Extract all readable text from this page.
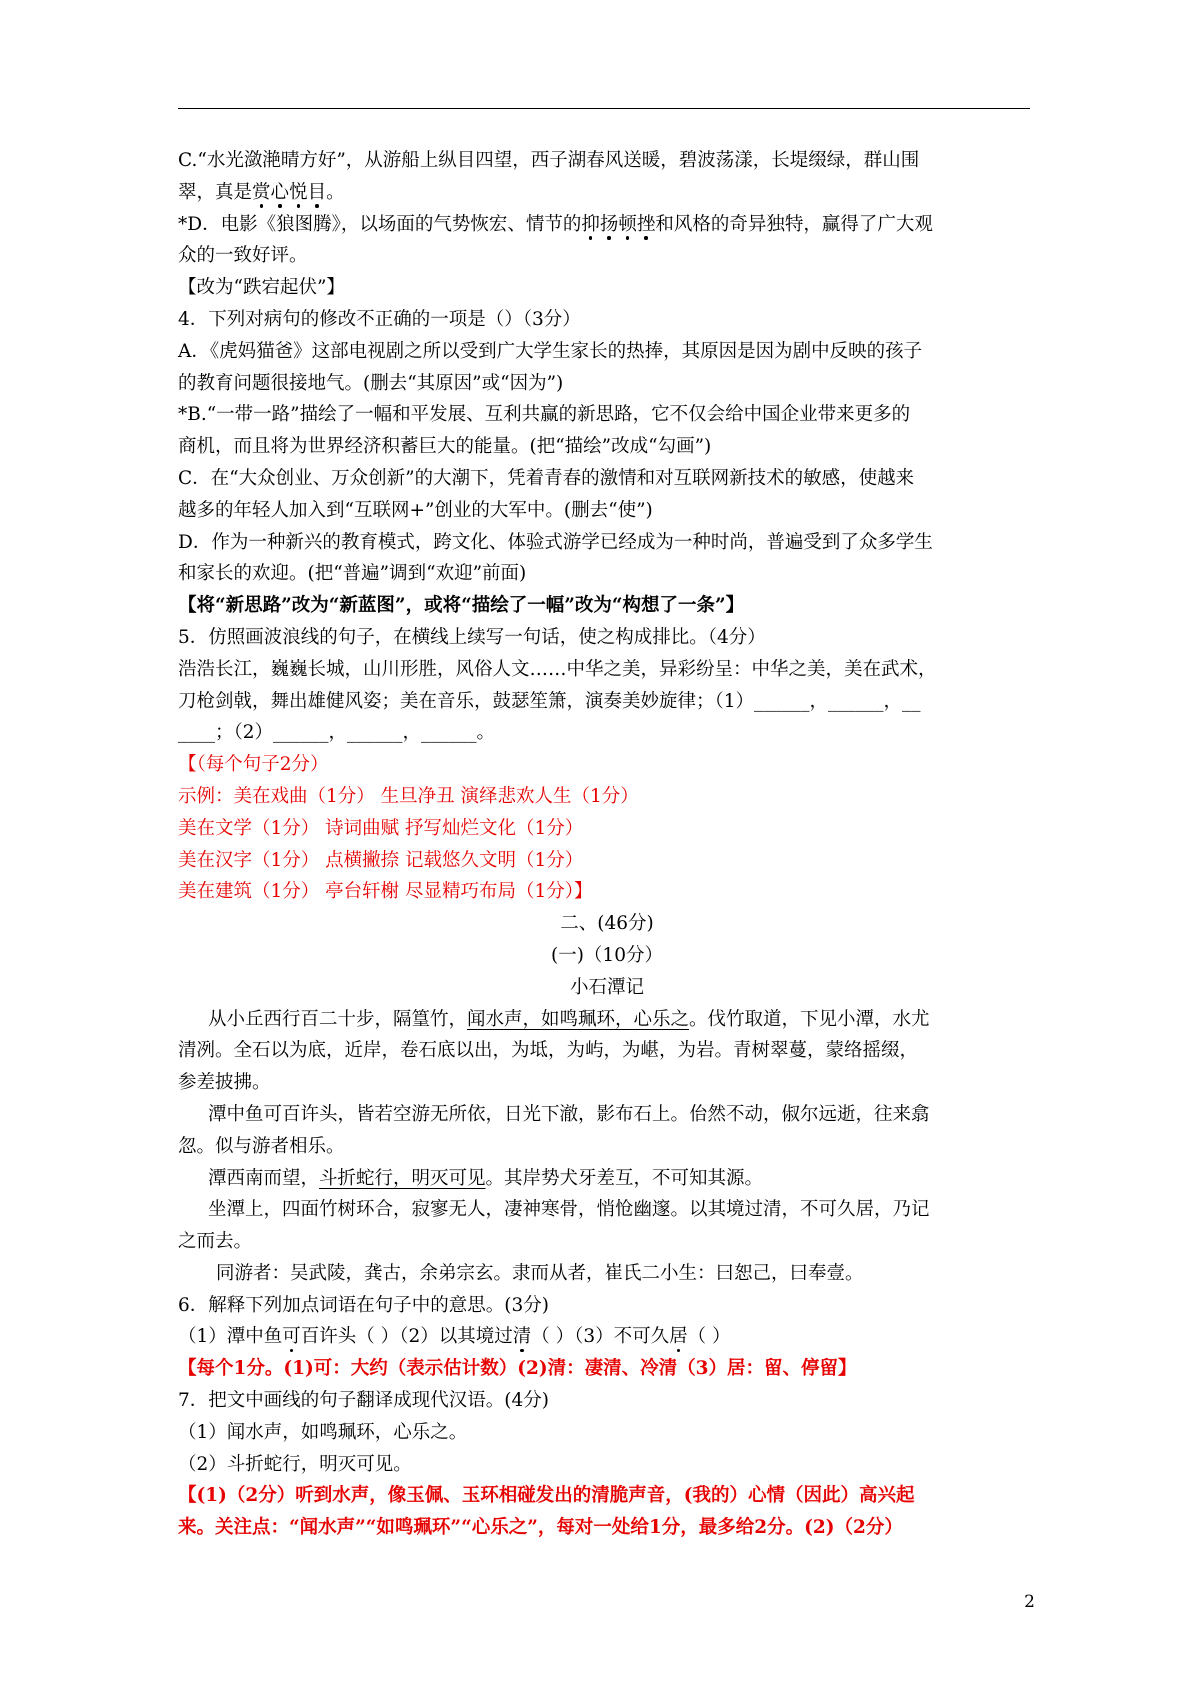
C.“水光潋滟晴方好”，从游船上纵目四望，西子湖春风送暖，碧波荡漾，长堤缀绿，群山围
翠，真是赏心悦目。
*D．电影《狼图腾》，以场面的气势恢宏、情节的抑扬顿挫和风格的奇异独特，赢得了广大观
众的一致好评。
【改为“跌宕起伏”】
4．下列对病句的修改不正确的一项是（）（3分）
A．《虎妈猫爸》这部电视剧之所以受到广大学生家长的热捧，其原因是因为剧中反映的孩子
的教育问题很接地气。(删去“其原因”或“因为”)
*B.“一带一路”描绘了一幅和平发展、互利共赢的新思路，它不仅会给中国企业带来更多的
商机，而且将为世界经济积蓄巨大的能量。(把“描绘”改成“勾画”)
C．在“大众创业、万众创新”的大潮下，凭着青春的激情和对互联网新技术的敏感，使越来
越多的年轻人加入到“互联网+”创业的大军中。(删去“使”)
D．作为一种新兴的教育模式，跨文化、体验式游学已经成为一种时尚，普遍受到了众多学生
和家长的欢迎。(把“普遍”调到“欢迎”前面)
【将“新思路”改为“新蓝图”，或将“描绘了一幅”改为“构想了一条”】
5．仿照画波浪线的句子，在横线上续写一句话，使之构成排比。（4分）
浩浩长江，巍巍长城，山川形胜，风俗人文……中华之美，异彩纷呈：中华之美，美在武术，
刀枪剑戟，舞出雄健风姿；美在音乐，鼓瑟笙箫，演奏美妙旋律；（1）______，______，__
____；（2）______，______，______。
【（每个句子2分）
示例：美在戏曲（1分） 生旦净丑 演绎悲欢人生（1分）
美在文学（1分） 诗词曲赋 抒写灿烂文化（1分）
美在汉字（1分） 点横撇捺 记载悠久文明（1分）
美在建筑（1分） 亭台轩榭 尽显精巧布局（1分）】
二、(46分)
(一)（10分）
小石潭记
从小丘西行百二十步，隔篁竹，闻水声，如鸣珮环，心乐之。伐竹取道，下见小潭，水尤
清冽。全石以为底，近岸，卷石底以出，为坻，为屿，为嵁，为岩。青树翠蔓，蒙络摇缀，
参差披拂。
潭中鱼可百许头，皆若空游无所依，日光下澈，影布石上。佁然不动，俶尔远逝，往来翕
忽。似与游者相乐。
潭西南而望，斗折蛇行，明灭可见。其岸势犬牙差互，不可知其源。
坐潭上，四面竹树环合，寂寥无人，凄神寒骨，悄怆幽邃。以其境过清，不可久居，乃记
之而去。
同游者：吴武陵，龚古，余弟宗玄。隶而从者，崔氏二小生：曰恕己，曰奉壹。
6．解释下列加点词语在句子中的意思。(3分)
（1）潭中鱼可百许头（ ）（2）以其境过清（ ）（3）不可久居（ ）
【每个1分。(1)可：大约（表示估计数）(2)清：凄清、冷清（3）居：留、停留】
7．把文中画线的句子翻译成现代汉语。(4分)
（1）闻水声，如鸣珮环，心乐之。
（2）斗折蛇行，明灭可见。
【(1)（2分）听到水声，像玉佩、玉环相碰发出的清脆声音，(我的）心情（因此）高兴起
来。关注点：“闻水声”“如鸣珮环”“心乐之”，每对一处给1分，最多给2分。(2)（2分）
2
